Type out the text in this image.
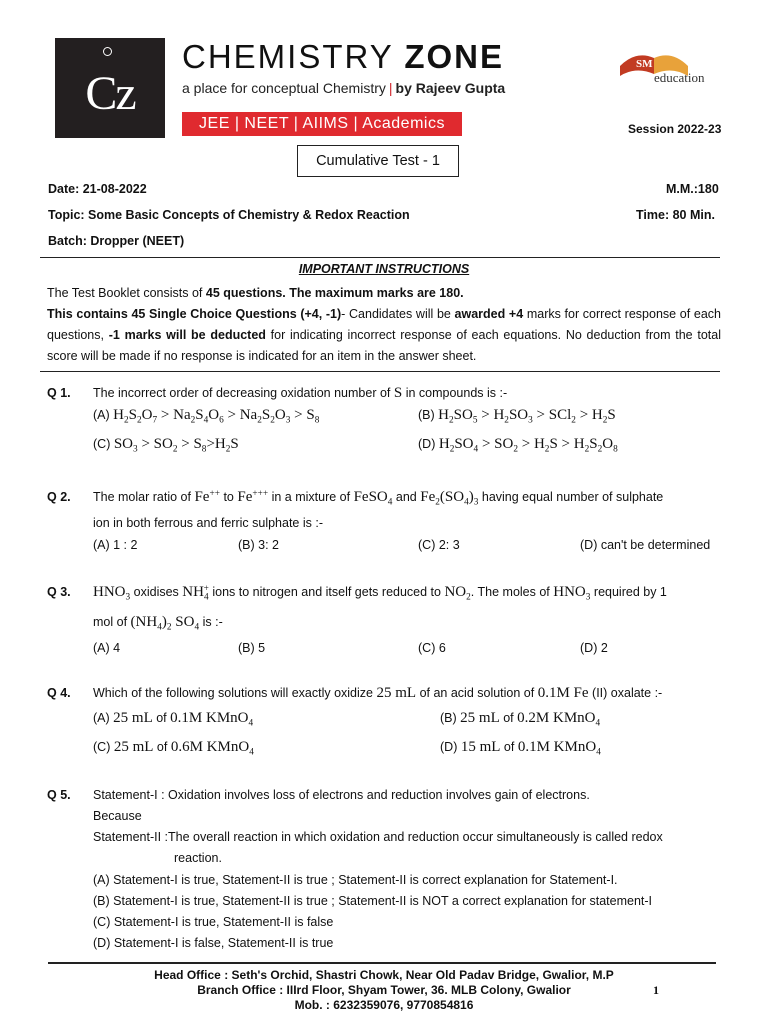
Cz
CHEMISTRY ZONE
a place for conceptual Chemistry | by Rajeev Gupta
JEE | NEET | AIIMS | Academics
SM
education
Session 2022-23
Cumulative Test - 1
Date: 21-08-2022	M.M.:180
Topic: Some Basic Concepts of Chemistry & Redox Reaction	Time: 80 Min.
Batch: Dropper (NEET)
IMPORTANT INSTRUCTIONS
The Test Booklet consists of 45 questions. The maximum marks are 180.
This contains 45 Single Choice Questions (+4, -1)- Candidates will be awarded +4 marks for correct response of each questions, -1 marks will be deducted for indicating incorrect response of each equations. No deduction from the total score will be made if no response is indicated for an item in the answer sheet.
Q 1. The incorrect order of decreasing oxidation number of S in compounds is :-
(A) $H_2S_2O_7 > Na_2S_4O_6 > Na_2S_2O_3 > S_8$	(B) $H_2SO_5 > H_2SO_3 > SCl_2 > H_2S$
(C) $SO_3 > SO_2 > S_8>H_2S$	(D) $H_2SO_4 > SO_2 > H_2S > H_2S_2O_8$
Q 2. The molar ratio of Fe++ to Fe+++ in a mixture of FeSO$_4$ and $Fe_2(SO_4)_3$ having equal number of sulphate
ion in both ferrous and ferric sulphate is :-
(A) 1 : 2	(B) 3: 2	(C) 2: 3	(D) can't be determined
Q 3. $HNO_3$ oxidises $NH_4^+$ ions to nitrogen and itself gets reduced to $NO_2$. The moles of $HNO_3$ required by 1
mol of $(NH_4)_2$ $SO_4$ is :-
(A) 4	(B) 5	(C) 6	(D) 2
Q 4. Which of the following solutions will exactly oxidize 25 mL of an acid solution of 0.1M Fe (II) oxalate :-
(A) 25 mL of 0.1M KMnO$_4$	(B) 25 mL of 0.2M KMnO$_4$
(C) 25 mL of 0.6M KMnO$_4$	(D) 15 mL of 0.1M KMnO$_4$
Q 5. Statement-I : Oxidation involves loss of electrons and reduction involves gain of electrons.
Because
Statement-II :The overall reaction in which oxidation and reduction occur simultaneously is called redox
reaction.
(A) Statement-I is true, Statement-II is true ; Statement-II is correct explanation for Statement-I.
(B) Statement-I is true, Statement-II is true ; Statement-II is NOT a correct explanation for statement-I
(C) Statement-I is true, Statement-II is false
(D) Statement-I is false, Statement-II is true
Head Office : Seth's Orchid, Shastri Chowk, Near Old Padav Bridge, Gwalior, M.P
Branch Office : IIIrd Floor, Shyam Tower, 36. MLB Colony, Gwalior
Mob. : 6232359076, 9770854816
1
